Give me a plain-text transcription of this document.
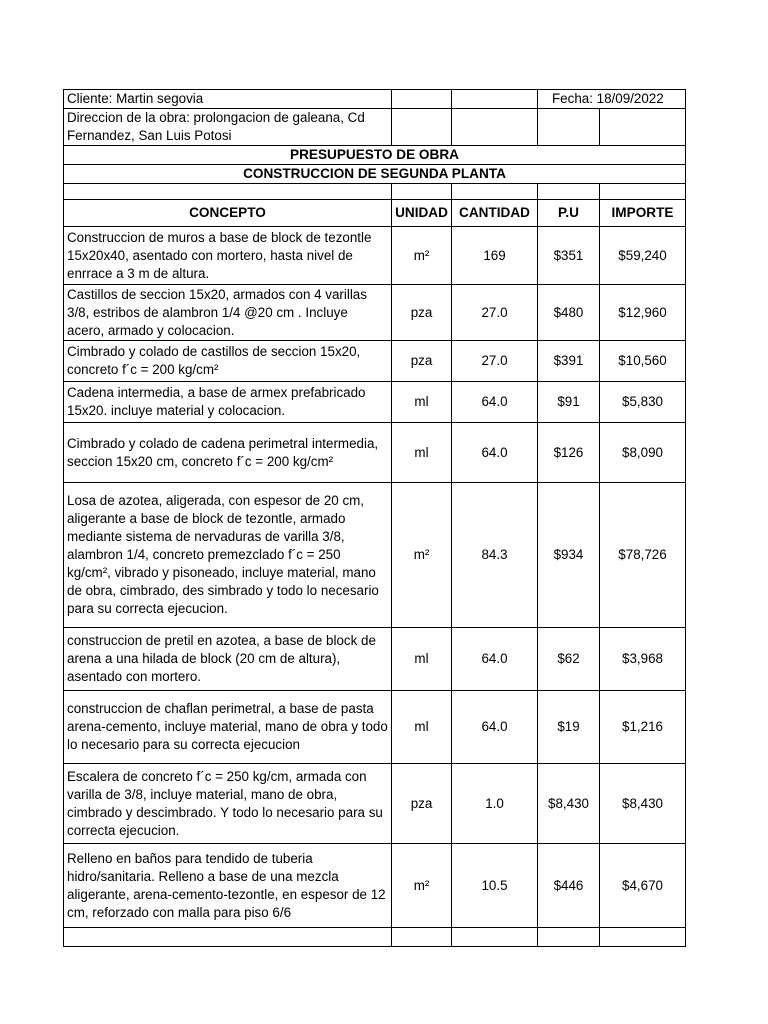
Cliente: Martin segovia			Fecha: 18/09/2022	
Direccion de la obra: prolongacion de galeana, Cd Fernandez, San Luis Potosi				
PRESUPUESTO DE OBRA				
CONSTRUCCION DE SEGUNDA PLANTA				

CONCEPTO	UNIDAD	CANTIDAD	P.U	IMPORTE
Construccion de muros a base de block de tezontle 15x20x40, asentado con mortero, hasta nivel de enrrace a 3 m de altura.	m²	169	$351	$59,240
Castillos de seccion 15x20, armados con 4 varillas 3/8, estribos de alambron 1/4 @20 cm . Incluye acero, armado y colocacion.	pza	27.0	$480	$12,960
Cimbrado y colado de castillos de seccion 15x20, concreto f´c = 200 kg/cm²	pza	27.0	$391	$10,560
Cadena intermedia, a base de armex prefabricado 15x20. incluye material y colocacion.	ml	64.0	$91	$5,830
Cimbrado y colado de cadena perimetral intermedia, seccion 15x20 cm, concreto f´c = 200 kg/cm²	ml	64.0	$126	$8,090
Losa de azotea, aligerada, con espesor de 20 cm, aligerante a base de block de tezontle, armado mediante sistema de nervaduras de varilla 3/8, alambron 1/4, concreto premezclado f´c = 250 kg/cm², vibrado y pisoneado, incluye material, mano de obra, cimbrado, des simbrado y todo lo necesario para su correcta ejecucion.	m²	84.3	$934	$78,726
construccion de pretil en azotea, a base de block de arena a una hilada de block (20 cm de altura), asentado con mortero.	ml	64.0	$62	$3,968
construccion de chaflan perimetral, a base de pasta arena-cemento, incluye material, mano de obra y todo lo necesario para su correcta ejecucion	ml	64.0	$19	$1,216
Escalera de concreto f´c = 250 kg/cm, armada con varilla de 3/8, incluye material, mano de obra, cimbrado y descimbrado. Y todo lo necesario para su correcta ejecucion.	pza	1.0	$8,430	$8,430
Relleno en baños para tendido de tuberia hidro/sanitaria. Relleno a base de una mezcla aligerante, arena-cemento-tezontle, en espesor de 12 cm, reforzado con malla para piso 6/6	m²	10.5	$446	$4,670
